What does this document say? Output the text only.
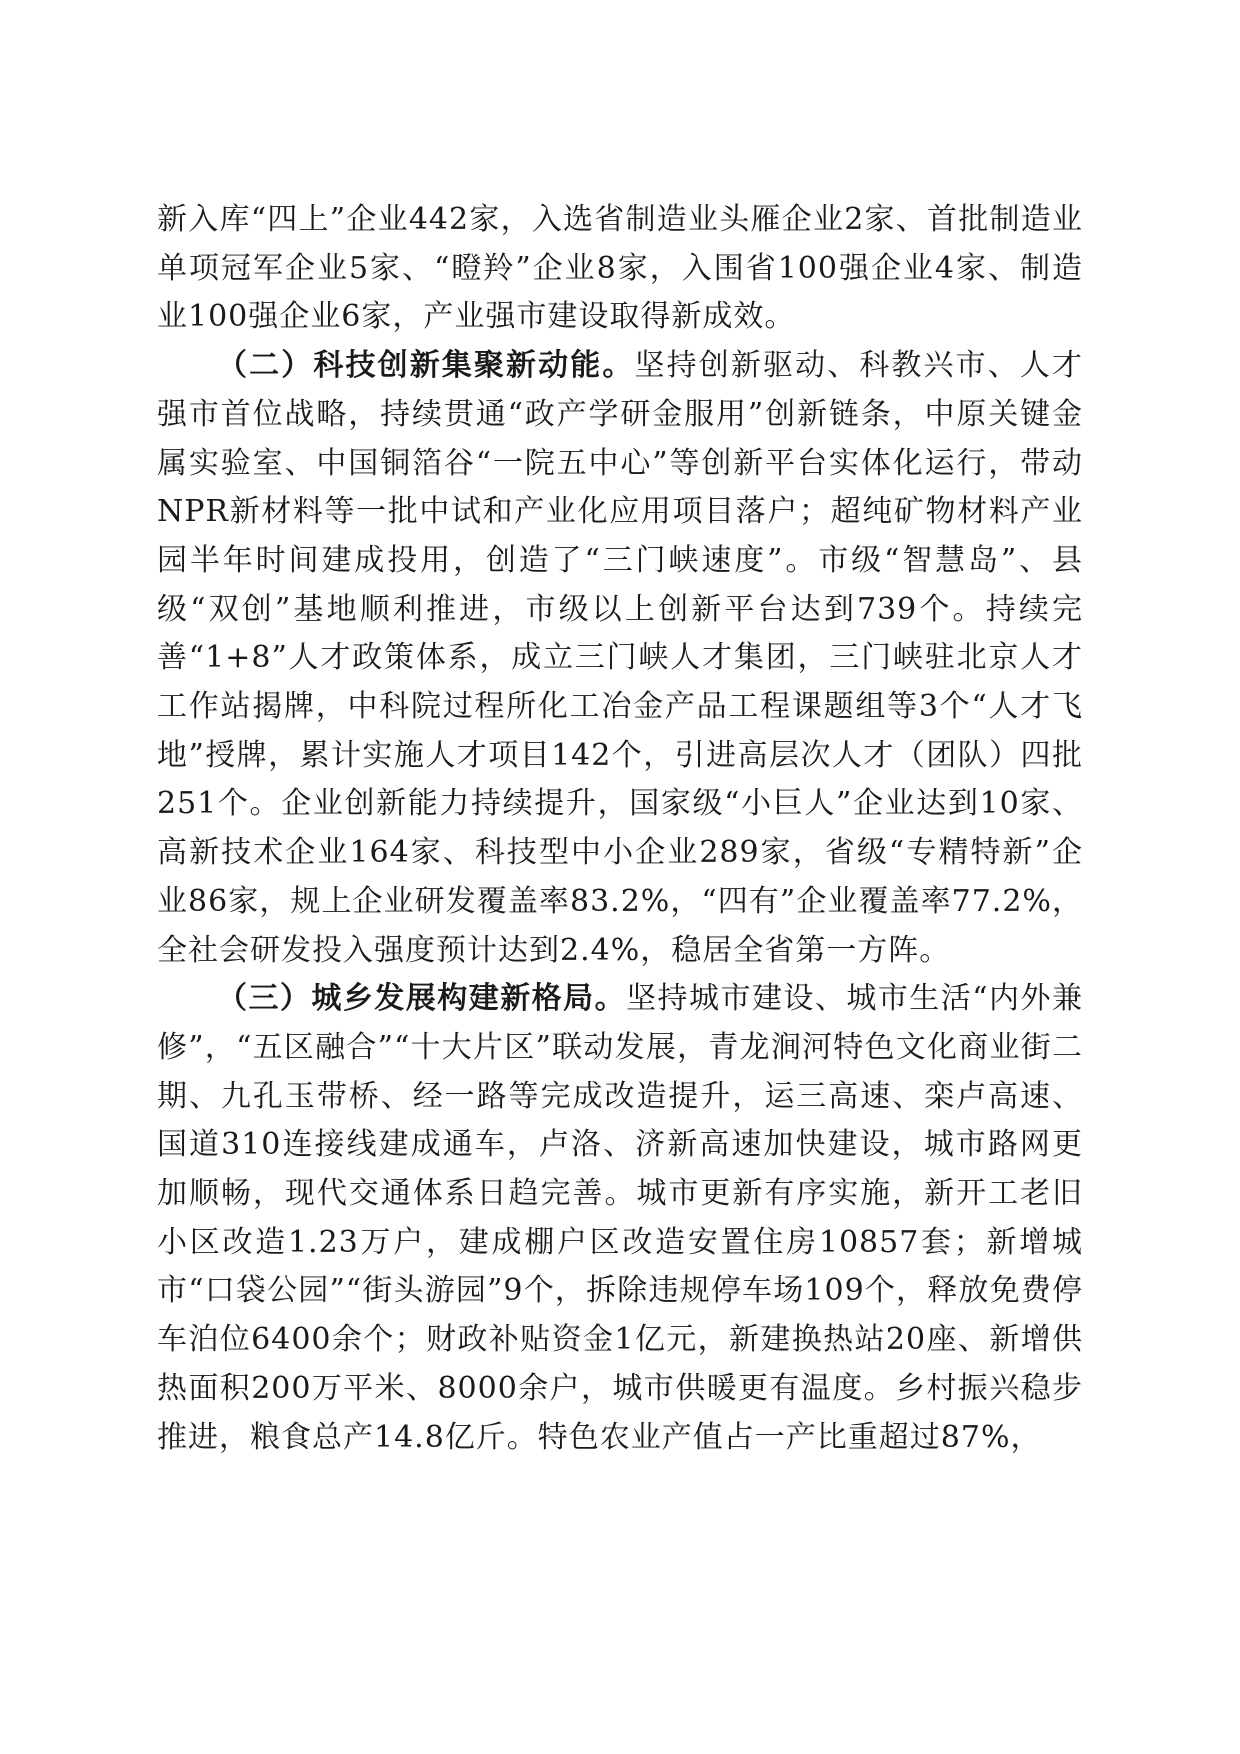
新入库“四上”企业442家，入选省制造业头雁企业2家、首批制造业单项冠军企业5家、“瞪羚”企业8家，入围省100强企业4家、制造业100强企业6家，产业强市建设取得新成效。

（二）科技创新集聚新动能。坚持创新驱动、科教兴市、人才强市首位战略，持续贯通“政产学研金服用”创新链条，中原关键金属实验室、中国铜箔谷“一院五中心”等创新平台实体化运行，带动NPR新材料等一批中试和产业化应用项目落户；超纯矿物材料产业园半年时间建成投用，创造了“三门峡速度”。市级“智慧岛”、县级“双创”基地顺利推进，市级以上创新平台达到739个。持续完善“1+8”人才政策体系，成立三门峡人才集团，三门峡驻北京人才工作站揭牌，中科院过程所化工冶金产品工程课题组等3个“人才飞地”授牌，累计实施人才项目142个，引进高层次人才（团队）四批251个。企业创新能力持续提升，国家级“小巨人”企业达到10家、高新技术企业164家、科技型中小企业289家，省级“专精特新”企业86家，规上企业研发覆盖率83.2%，“四有”企业覆盖率77.2%，全社会研发投入强度预计达到2.4%，稳居全省第一方阵。

（三）城乡发展构建新格局。坚持城市建设、城市生活“内外兼修”，“五区融合”“十大片区”联动发展，青龙涧河特色文化商业街二期、九孔玉带桥、经一路等完成改造提升，运三高速、栾卢高速、国道310连接线建成通车，卢洛、济新高速加快建设，城市路网更加顺畅，现代交通体系日趋完善。城市更新有序实施，新开工老旧小区改造1.23万户，建成棚户区改造安置住房10857套；新增城市“口袋公园”“街头游园”9个，拆除违规停车场109个，释放免费停车泊位6400余个；财政补贴资金1亿元，新建换热站20座、新增供热面积200万平米、8000余户，城市供暖更有温度。乡村振兴稳步推进，粮食总产14.8亿斤。特色农业产值占一产比重超过87%，
